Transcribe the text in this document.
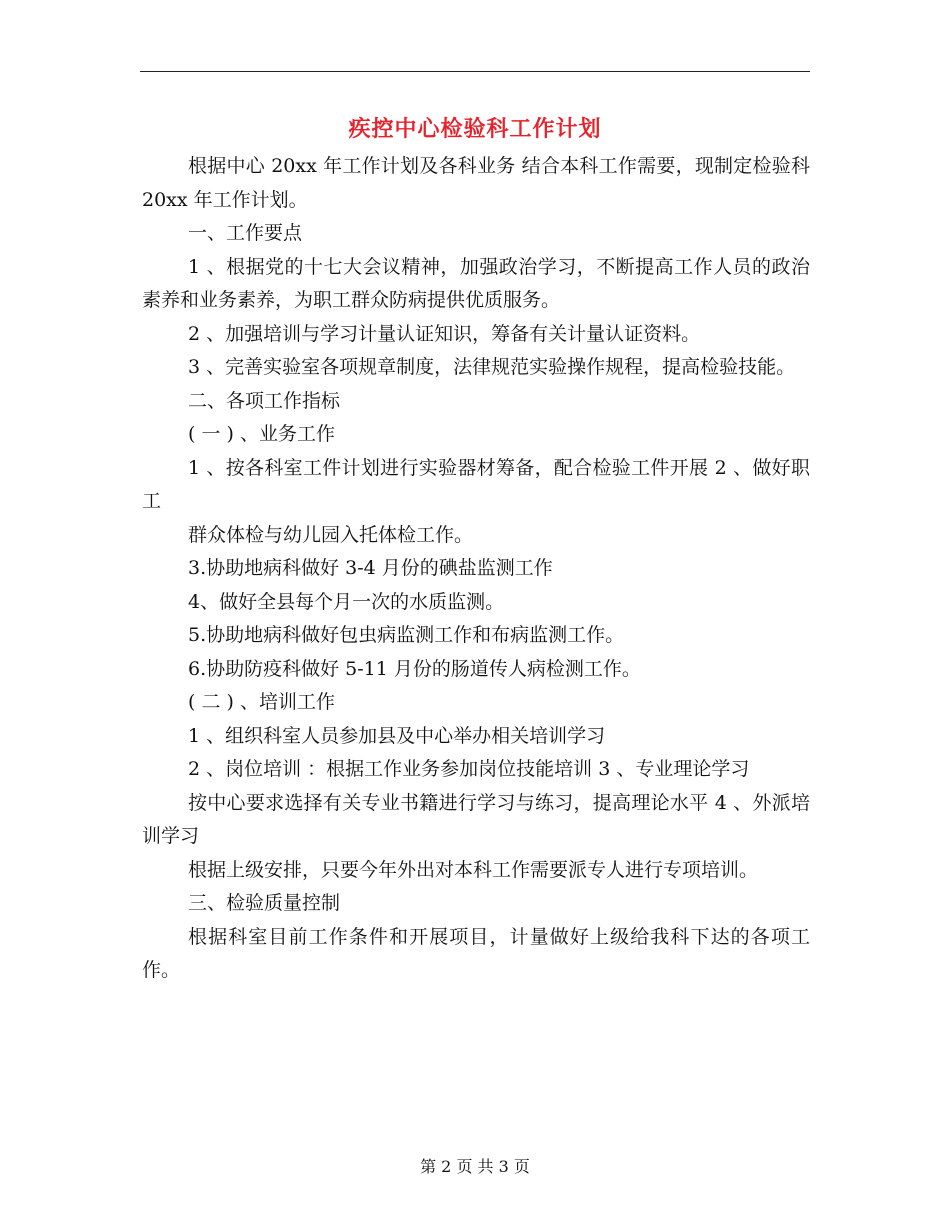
疾控中心检验科工作计划

根据中心 20xx 年工作计划及各科业务 结合本科工作需要，现制定检验科 20xx 年工作计划。

一、工作要点

1 、根据党的十七大会议精神，加强政治学习，不断提高工作人员的政治素养和业务素养，为职工群众防病提供优质服务。

2 、加强培训与学习计量认证知识，筹备有关计量认证资料。

3 、完善实验室各项规章制度，法律规范实验操作规程，提高检验技能。

二、各项工作指标

( 一 ) 、业务工作

1 、按各科室工件计划进行实验器材筹备，配合检验工件开展 2 、做好职工

群众体检与幼儿园入托体检工作。

3.协助地病科做好 3-4 月份的碘盐监测工作

4、做好全县每个月一次的水质监测。

5.协助地病科做好包虫病监测工作和布病监测工作。

6.协助防疫科做好 5-11 月份的肠道传人病检测工作。

( 二 ) 、培训工作

1 、组织科室人员参加县及中心举办相关培训学习

2 、岗位培训 ：根据工作业务参加岗位技能培训 3 、专业理论学习

按中心要求选择有关专业书籍进行学习与练习，提高理论水平 4 、外派培训学习

根据上级安排，只要今年外出对本科工作需要派专人进行专项培训。

三、检验质量控制

根据科室目前工作条件和开展项目，计量做好上级给我科下达的各项工作。

第 2 页 共 3 页
